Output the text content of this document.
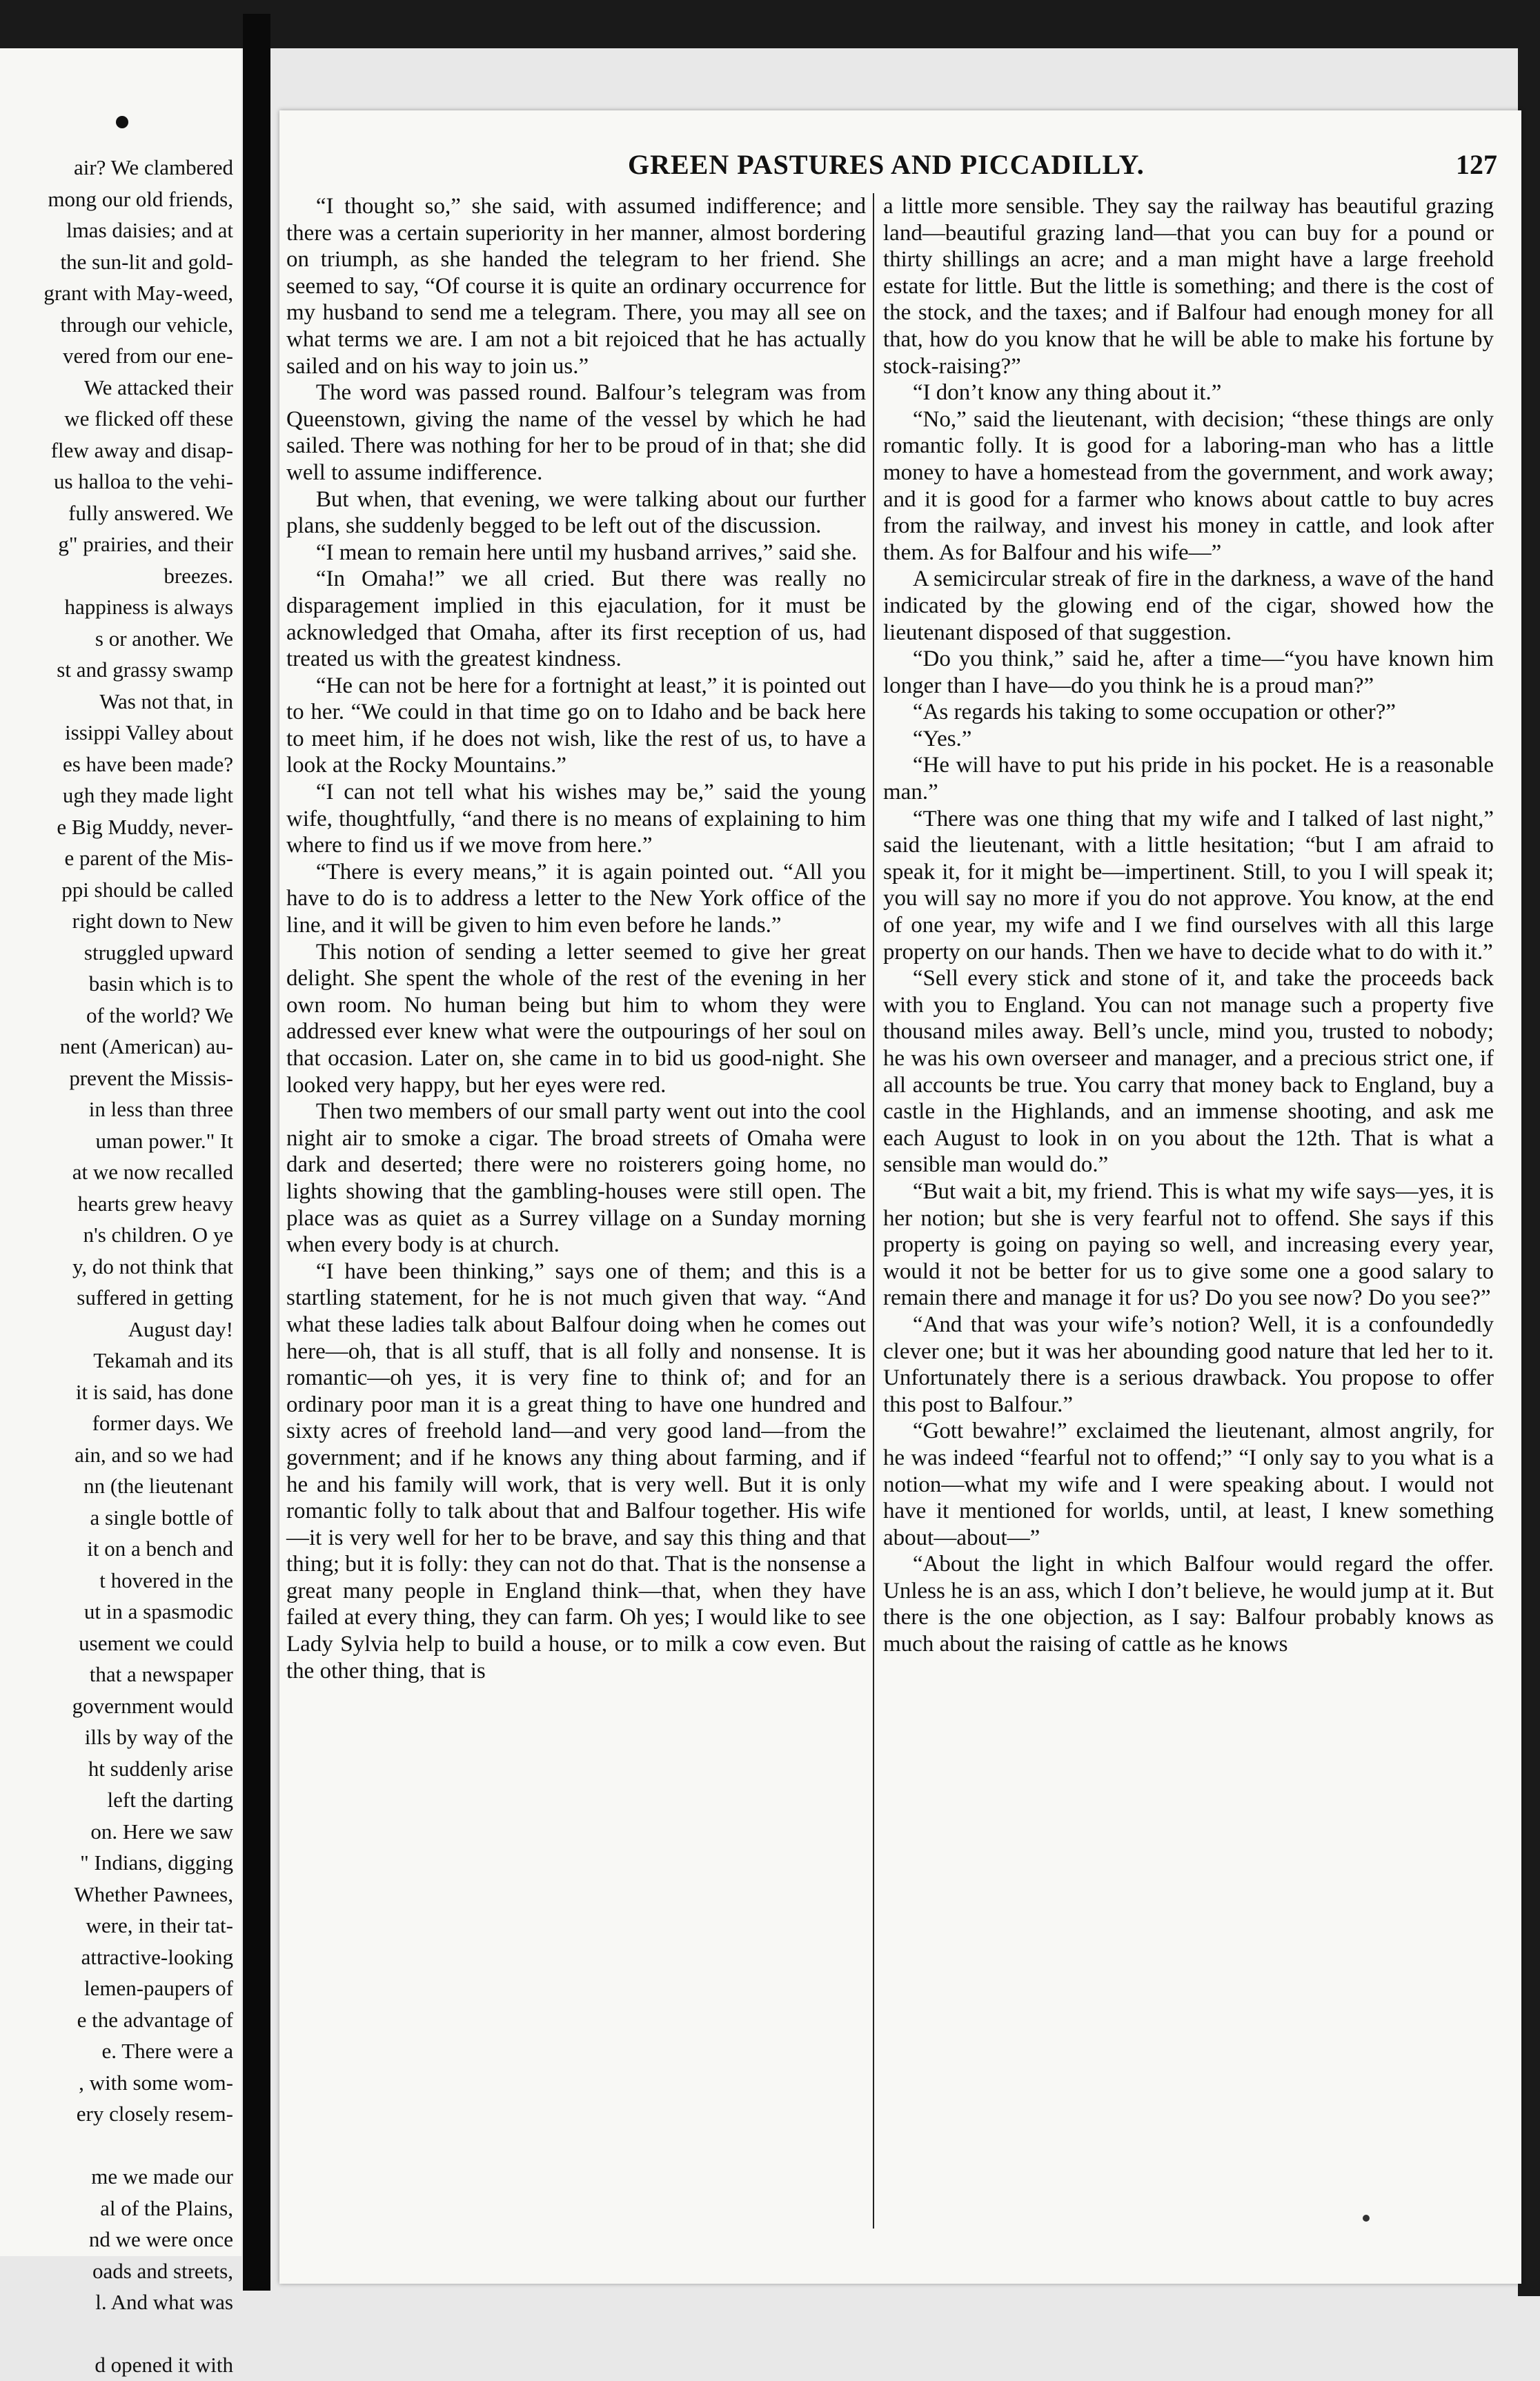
air? We clambered
mong our old friends,
lmas daisies; and at
the sun-lit and gold-
grant with May-weed,
through our vehicle,
vered from our ene-
We attacked their
we flicked off these
flew away and disap-
us halloa to the vehi-
fully answered. We
g" prairies, and their
breezes.
happiness is always
s or another. We
st and grassy swamp
Was not that, in
issippi Valley about
es have been made?
ugh they made light
e Big Muddy, never-
e parent of the Mis-
ppi should be called
right down to New
struggled upward
basin which is to
of the world? We
nent (American) au-
prevent the Missis-
in less than three
uman power." It
at we now recalled
hearts grew heavy
n's children. O ye
y, do not think that
suffered in getting
August day!
Tekamah and its
it is said, has done
former days. We
ain, and so we had
nn (the lieutenant
a single bottle of
it on a bench and
t hovered in the
ut in a spasmodic
usement we could
that a newspaper
government would
ills by way of the
ht suddenly arise
left the darting
on. Here we saw
" Indians, digging
Whether Pawnees,
were, in their tat-
attractive-looking
lemen-paupers of
e the advantage of
e. There were a
, with some wom-
ery closely resem-

me we made our
al of the Plains,
nd we were once
oads and streets,
l. And what was

d opened it with
GREEN PASTURES AND PICCADILLY.	127

“I thought so,” she said, with assumed indifference; and there was a certain superiority in her manner, almost bordering on triumph, as she handed the telegram to her friend. She seemed to say, “Of course it is quite an ordinary occurrence for my husband to send me a telegram. There, you may all see on what terms we are. I am not a bit rejoiced that he has actually sailed and on his way to join us.”

The word was passed round. Balfour’s telegram was from Queenstown, giving the name of the vessel by which he had sailed. There was nothing for her to be proud of in that; she did well to assume indifference.

But when, that evening, we were talking about our further plans, she suddenly begged to be left out of the discussion.

“I mean to remain here until my husband arrives,” said she.

“In Omaha!” we all cried. But there was really no disparagement implied in this ejaculation, for it must be acknowledged that Omaha, after its first reception of us, had treated us with the greatest kindness.

“He can not be here for a fortnight at least,” it is pointed out to her. “We could in that time go on to Idaho and be back here to meet him, if he does not wish, like the rest of us, to have a look at the Rocky Mountains.”

“I can not tell what his wishes may be,” said the young wife, thoughtfully, “and there is no means of explaining to him where to find us if we move from here.”

“There is every means,” it is again pointed out. “All you have to do is to address a letter to the New York office of the line, and it will be given to him even before he lands.”

This notion of sending a letter seemed to give her great delight. She spent the whole of the rest of the evening in her own room. No human being but him to whom they were addressed ever knew what were the outpourings of her soul on that occasion. Later on, she came in to bid us good-night. She looked very happy, but her eyes were red.

Then two members of our small party went out into the cool night air to smoke a cigar. The broad streets of Omaha were dark and deserted; there were no roisterers going home, no lights showing that the gambling-houses were still open. The place was as quiet as a Surrey village on a Sunday morning when every body is at church.

“I have been thinking,” says one of them; and this is a startling statement, for he is not much given that way. “And what these ladies talk about Balfour doing when he comes out here—oh, that is all stuff, that is all folly and nonsense. It is romantic—oh yes, it is very fine to think of; and for an ordinary poor man it is a great thing to have one hundred and sixty acres of freehold land—and very good land—from the government; and if he knows any thing about farming, and if he and his family will work, that is very well. But it is only romantic folly to talk about that and Balfour together. His wife—it is very well for her to be brave, and say this thing and that thing; but it is folly: they can not do that. That is the nonsense a great many people in England think—that, when they have failed at every thing, they can farm. Oh yes; I would like to see Lady Sylvia help to build a house, or to milk a cow even. But the other thing, that is

a little more sensible. They say the railway has beautiful grazing land—beautiful grazing land—that you can buy for a pound or thirty shillings an acre; and a man might have a large freehold estate for little. But the little is something; and there is the cost of the stock, and the taxes; and if Balfour had enough money for all that, how do you know that he will be able to make his fortune by stock-raising?”

“I don’t know any thing about it.”

“No,” said the lieutenant, with decision; “these things are only romantic folly. It is good for a laboring-man who has a little money to have a homestead from the government, and work away; and it is good for a farmer who knows about cattle to buy acres from the railway, and invest his money in cattle, and look after them. As for Balfour and his wife—”

A semicircular streak of fire in the darkness, a wave of the hand indicated by the glowing end of the cigar, showed how the lieutenant disposed of that suggestion.

“Do you think,” said he, after a time—“you have known him longer than I have—do you think he is a proud man?”

“As regards his taking to some occupation or other?”

“Yes.”

“He will have to put his pride in his pocket. He is a reasonable man.”

“There was one thing that my wife and I talked of last night,” said the lieutenant, with a little hesitation; “but I am afraid to speak it, for it might be—impertinent. Still, to you I will speak it; you will say no more if you do not approve. You know, at the end of one year, my wife and I we find ourselves with all this large property on our hands. Then we have to decide what to do with it.”

“Sell every stick and stone of it, and take the proceeds back with you to England. You can not manage such a property five thousand miles away. Bell’s uncle, mind you, trusted to nobody; he was his own overseer and manager, and a precious strict one, if all accounts be true. You carry that money back to England, buy a castle in the Highlands, and an immense shooting, and ask me each August to look in on you about the 12th. That is what a sensible man would do.”

“But wait a bit, my friend. This is what my wife says—yes, it is her notion; but she is very fearful not to offend. She says if this property is going on paying so well, and increasing every year, would it not be better for us to give some one a good salary to remain there and manage it for us? Do you see now? Do you see?”

“And that was your wife’s notion? Well, it is a confoundedly clever one; but it was her abounding good nature that led her to it. Unfortunately there is a serious drawback. You propose to offer this post to Balfour.”

“Gott bewahre!” exclaimed the lieutenant, almost angrily, for he was indeed “fearful not to offend;” “I only say to you what is a notion—what my wife and I were speaking about. I would not have it mentioned for worlds, until, at least, I knew something about—about—”

“About the light in which Balfour would regard the offer. Unless he is an ass, which I don’t believe, he would jump at it. But there is the one objection, as I say: Balfour probably knows as much about the raising of cattle as he knows
